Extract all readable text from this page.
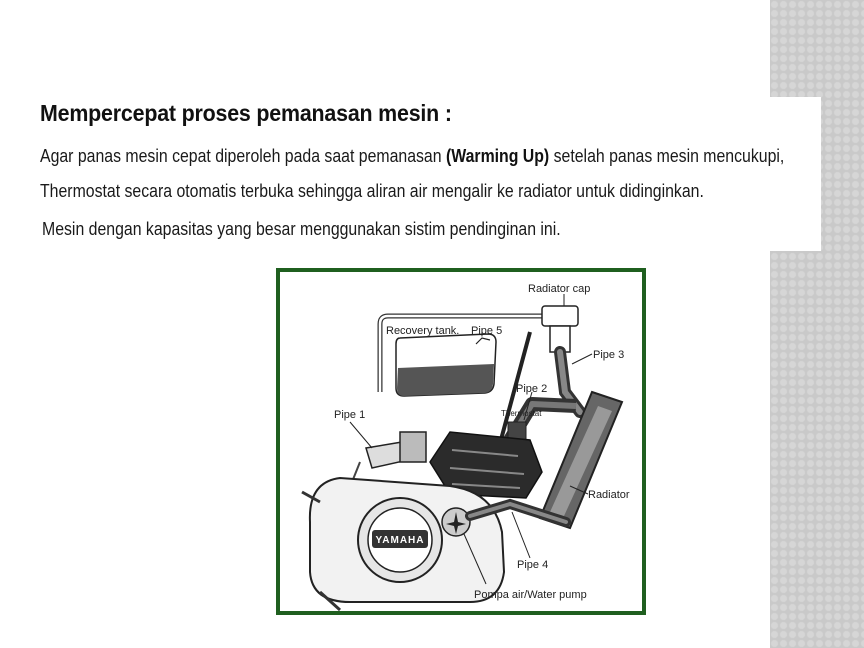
Mempercepat proses pemanasan mesin :

Agar panas mesin cepat diperoleh pada saat pemanasan (Warming Up) setelah panas mesin mencukupi,

Thermostat secara otomatis terbuka sehingga aliran air mengalir ke radiator untuk didinginkan.

Mesin dengan kapasitas yang besar menggunakan sistim pendinginan ini.

YAMAHA
Radiator cap
Recovery tank. Pipe 5
Pipe 3
Pipe 2
Thermostat
Pipe 1
Radiator
Pipe 4
Pompa air/Water pump
